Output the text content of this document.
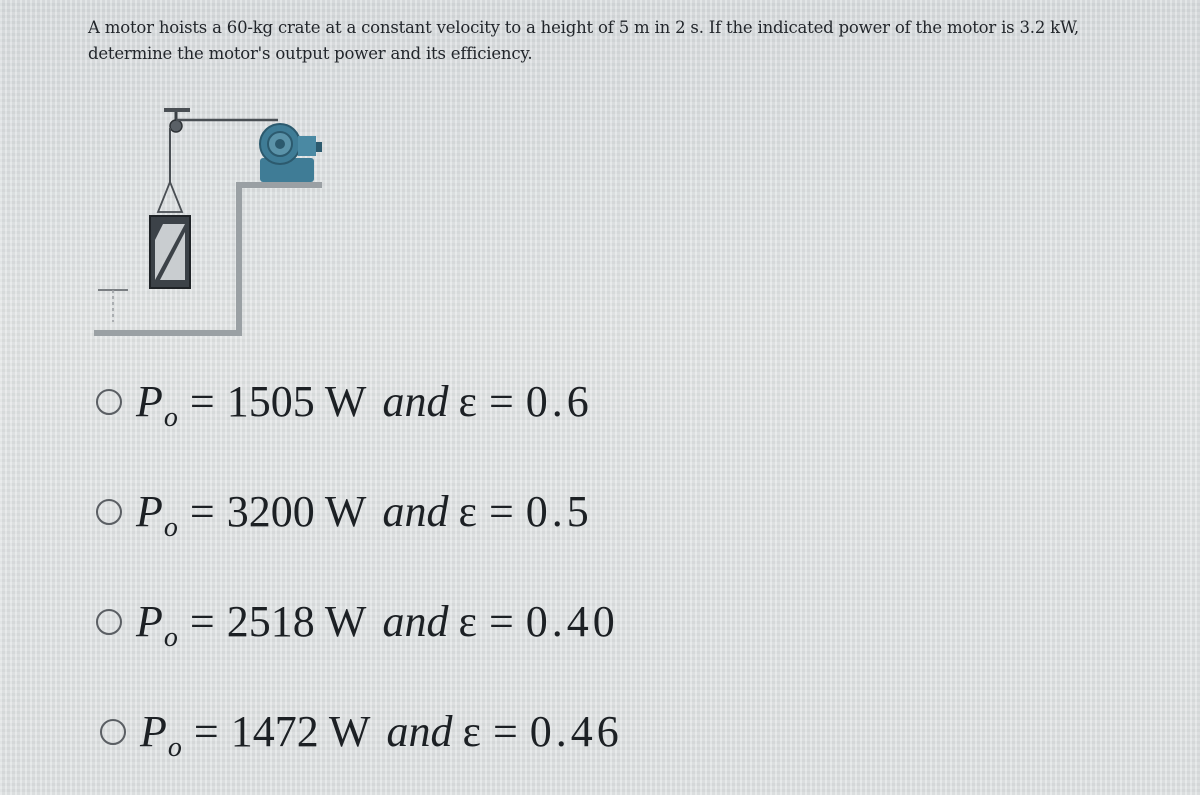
A motor hoists a 60-kg crate at a constant velocity to a height of 5 m in 2 s. If the indicated power of the motor is 3.2 kW, determine the motor's output power and its efficiency.
$P_o = 1505$ W and ε = 0.6
$P_o = 3200$ W and ε = 0.5
$P_o = 2518$ W and ε = 0.40
$P_o = 1472$ W and ε = 0.46
